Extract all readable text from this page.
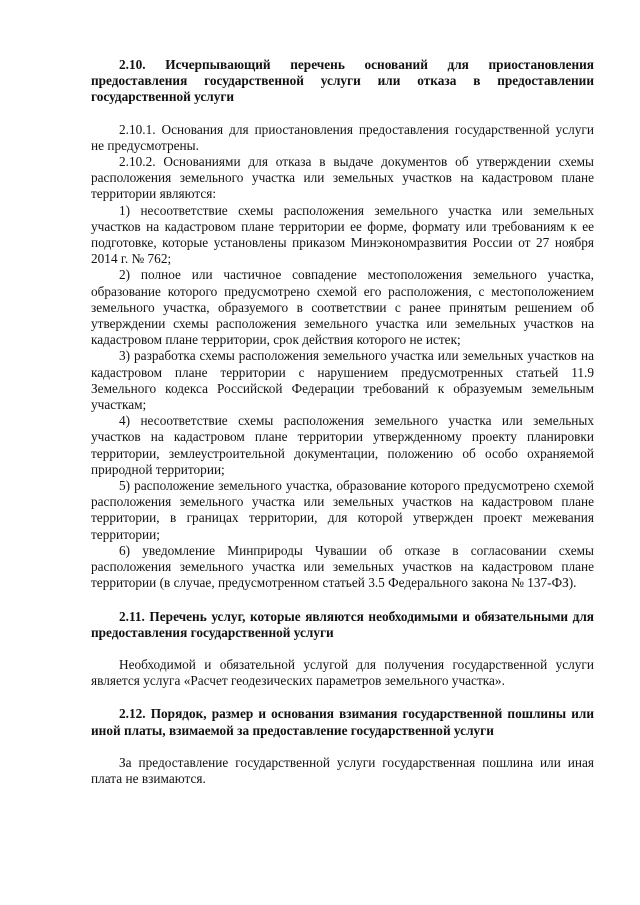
2.10. Исчерпывающий перечень оснований для приостановления предоставления государственной услуги или отказа в предоставлении государственной услуги

2.10.1. Основания для приостановления предоставления государственной услуги не предусмотрены.

2.10.2. Основаниями для отказа в выдаче документов об утверждении схемы расположения земельного участка или земельных участков на кадастровом плане территории являются:

1) несоответствие схемы расположения земельного участка или земельных участков на кадастровом плане территории ее форме, формату или требованиям к ее подготовке, которые установлены приказом Минэкономразвития России от 27 ноября 2014 г. № 762;

2) полное или частичное совпадение местоположения земельного участка, образование которого предусмотрено схемой его расположения, с местоположением земельного участка, образуемого в соответствии с ранее принятым решением об утверждении схемы расположения земельного участка или земельных участков на кадастровом плане территории, срок действия которого не истек;

3) разработка схемы расположения земельного участка или земельных участков на кадастровом плане территории с нарушением предусмотренных статьей 11.9 Земельного кодекса Российской Федерации требований к образуемым земельным участкам;

4) несоответствие схемы расположения земельного участка или земельных участков на кадастровом плане территории утвержденному проекту планировки территории, землеустроительной документации, положению об особо охраняемой природной территории;

5) расположение земельного участка, образование которого предусмотрено схемой расположения земельного участка или земельных участков на кадастровом плане территории, в границах территории, для которой утвержден проект межевания территории;

6) уведомление Минприроды Чувашии об отказе в согласовании схемы расположения земельного участка или земельных участков на кадастровом плане территории (в случае, предусмотренном статьей 3.5 Федерального закона № 137-ФЗ).

2.11. Перечень услуг, которые являются необходимыми и обязательными для предоставления государственной услуги

Необходимой и обязательной услугой для получения государственной услуги является услуга «Расчет геодезических параметров земельного участка».

2.12. Порядок, размер и основания взимания государственной пошлины или иной платы, взимаемой за предоставление государственной услуги

За предоставление государственной услуги государственная пошлина или иная плата не взимаются.
